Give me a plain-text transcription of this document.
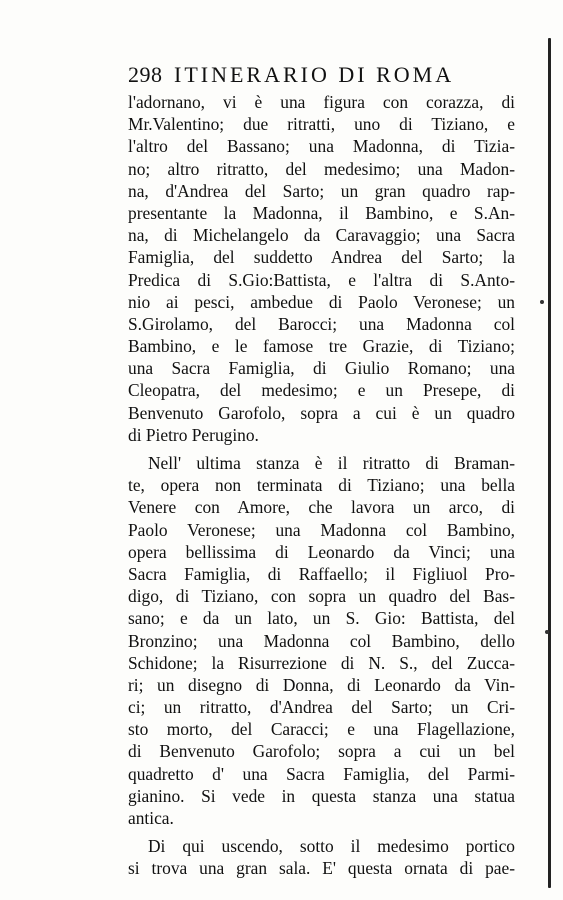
298 ITINERARIO DI ROMA
l'adornano, vi è una figura con corazza, di
Mr.Valentino; due ritratti, uno di Tiziano, e
l'altro del Bassano; una Madonna, di Tizia-
no; altro ritratto, del medesimo; una Madon-
na, d'Andrea del Sarto; un gran quadro rap-
presentante la Madonna, il Bambino, e S.An-
na, di Michelangelo da Caravaggio; una Sacra
Famiglia, del suddetto Andrea del Sarto; la
Predica di S.Gio:Battista, e l'altra di S.Anto-
nio ai pesci, ambedue di Paolo Veronese; un
S.Girolamo, del Barocci; una Madonna col
Bambino, e le famose tre Grazie, di Tiziano;
una Sacra Famiglia, di Giulio Romano; una
Cleopatra, del medesimo; e un Presepe, di
Benvenuto Garofolo, sopra a cui è un quadro
di Pietro Perugino.
Nell' ultima stanza è il ritratto di Braman-
te, opera non terminata di Tiziano; una bella
Venere con Amore, che lavora un arco, di
Paolo Veronese; una Madonna col Bambino,
opera bellissima di Leonardo da Vinci; una
Sacra Famiglia, di Raffaello; il Figliuol Pro-
digo, di Tiziano, con sopra un quadro del Bas-
sano; e da un lato, un S. Gio: Battista, del
Bronzino; una Madonna col Bambino, dello
Schidone; la Risurrezione di N. S., del Zucca-
ri; un disegno di Donna, di Leonardo da Vin-
ci; un ritratto, d'Andrea del Sarto; un Cri-
sto morto, del Caracci; e una Flagellazione,
di Benvenuto Garofolo; sopra a cui un bel
quadretto d' una Sacra Famiglia, del Parmi-
gianino. Si vede in questa stanza una statua
antica.
Di qui uscendo, sotto il medesimo portico
si trova una gran sala. E' questa ornata di pae-
